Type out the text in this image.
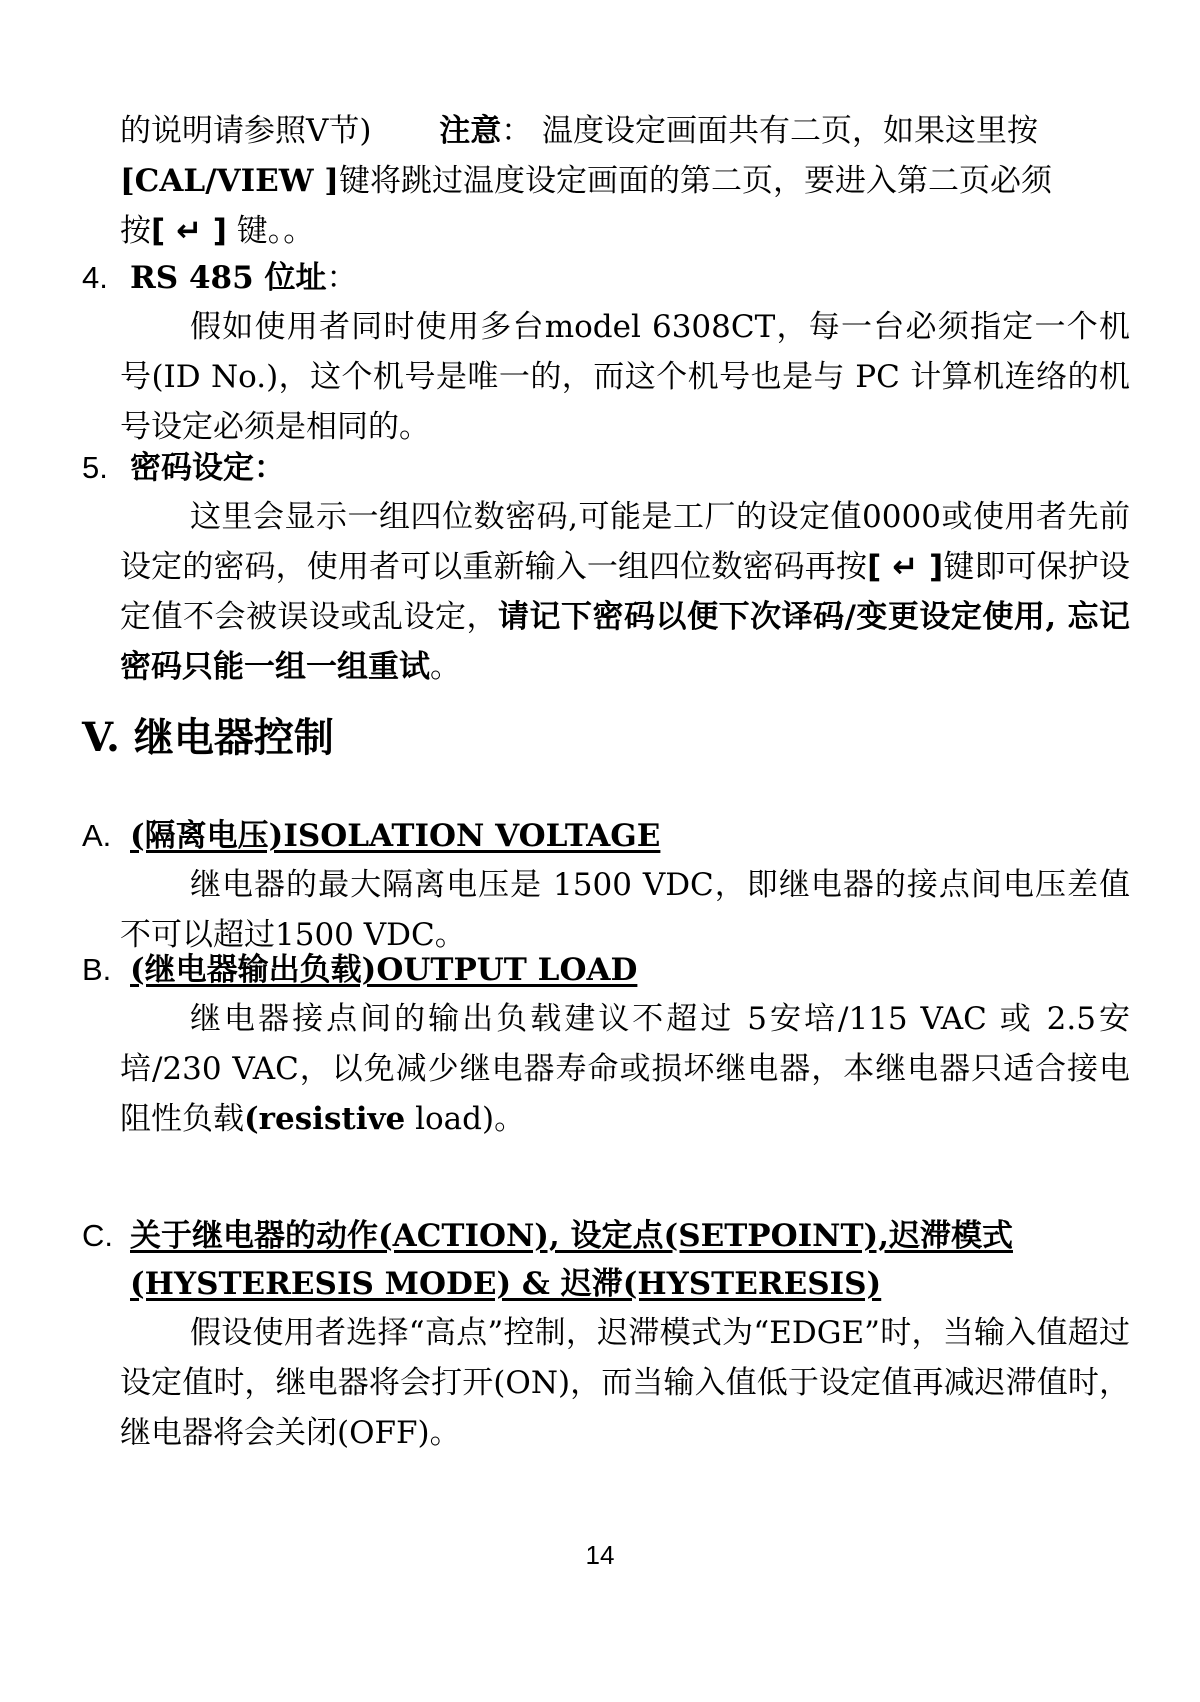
的说明请参照V节) 注意： 温度设定画面共有二页，如果这里按
[CAL/VIEW ]键将跳过温度设定画面的第二页，要进入第二页必须
按[ ↵ ] 键。。
4. RS 485 位址：
假如使用者同时使用多台model 6308CT，每一台必须指定一个机号(ID No.)，这个机号是唯一的，而这个机号也是与 PC 计算机连络的机号设定必须是相同的。
5. 密码设定：
这里会显示一组四位数密码,可能是工厂的设定值0000或使用者先前设定的密码，使用者可以重新输入一组四位数密码再按[ ↵ ]键即可保护设定值不会被误设或乱设定，请记下密码以便下次译码/变更设定使用, 忘记密码只能一组一组重试。
V. 继电器控制
A. (隔离电压)ISOLATION VOLTAGE
继电器的最大隔离电压是 1500 VDC，即继电器的接点间电压差值不可以超过1500 VDC。
B. (继电器输出负载)OUTPUT LOAD
继电器接点间的输出负载建议不超过 5安培/115 VAC 或 2.5安培/230 VAC，以免减少继电器寿命或损坏继电器，本继电器只适合接电阻性负载(resistive load)。
C. 关于继电器的动作(ACTION), 设定点(SETPOINT),迟滞模式
(HYSTERESIS MODE) & 迟滞(HYSTERESIS)
假设使用者选择“高点”控制，迟滞模式为“EDGE”时，当输入值超过设定值时，继电器将会打开(ON)，而当输入值低于设定值再减迟滞值时，继电器将会关闭(OFF)。
14
